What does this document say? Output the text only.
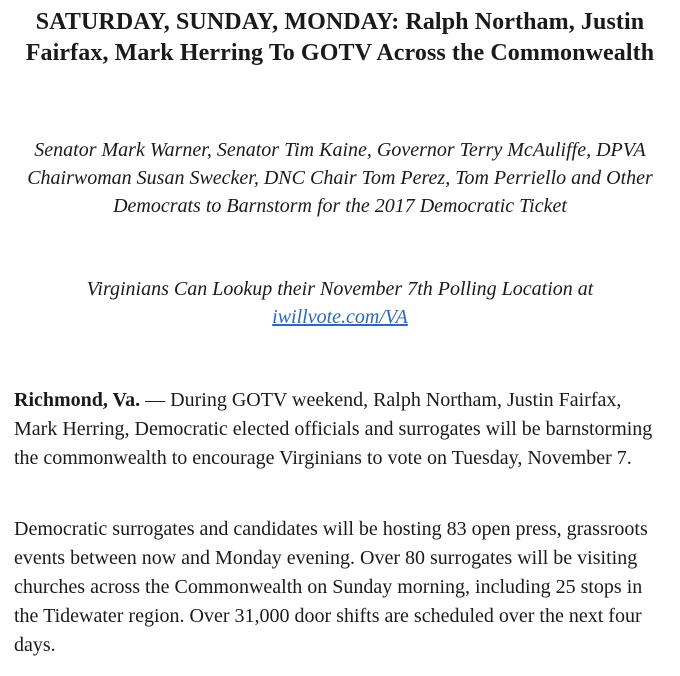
SATURDAY, SUNDAY, MONDAY: Ralph Northam, Justin Fairfax, Mark Herring To GOTV Across the Commonwealth

Senator Mark Warner, Senator Tim Kaine, Governor Terry McAuliffe, DPVA Chairwoman Susan Swecker, DNC Chair Tom Perez, Tom Perriello and Other Democrats to Barnstorm for the 2017 Democratic Ticket

Virginians Can Lookup their November 7th Polling Location at
iwillvote.com/VA

Richmond, Va. — During GOTV weekend, Ralph Northam, Justin Fairfax, Mark Herring, Democratic elected officials and surrogates will be barnstorming the commonwealth to encourage Virginians to vote on Tuesday, November 7.

Democratic surrogates and candidates will be hosting 83 open press, grassroots events between now and Monday evening. Over 80 surrogates will be visiting churches across the Commonwealth on Sunday morning, including 25 stops in the Tidewater region. Over 31,000 door shifts are scheduled over the next four days.
